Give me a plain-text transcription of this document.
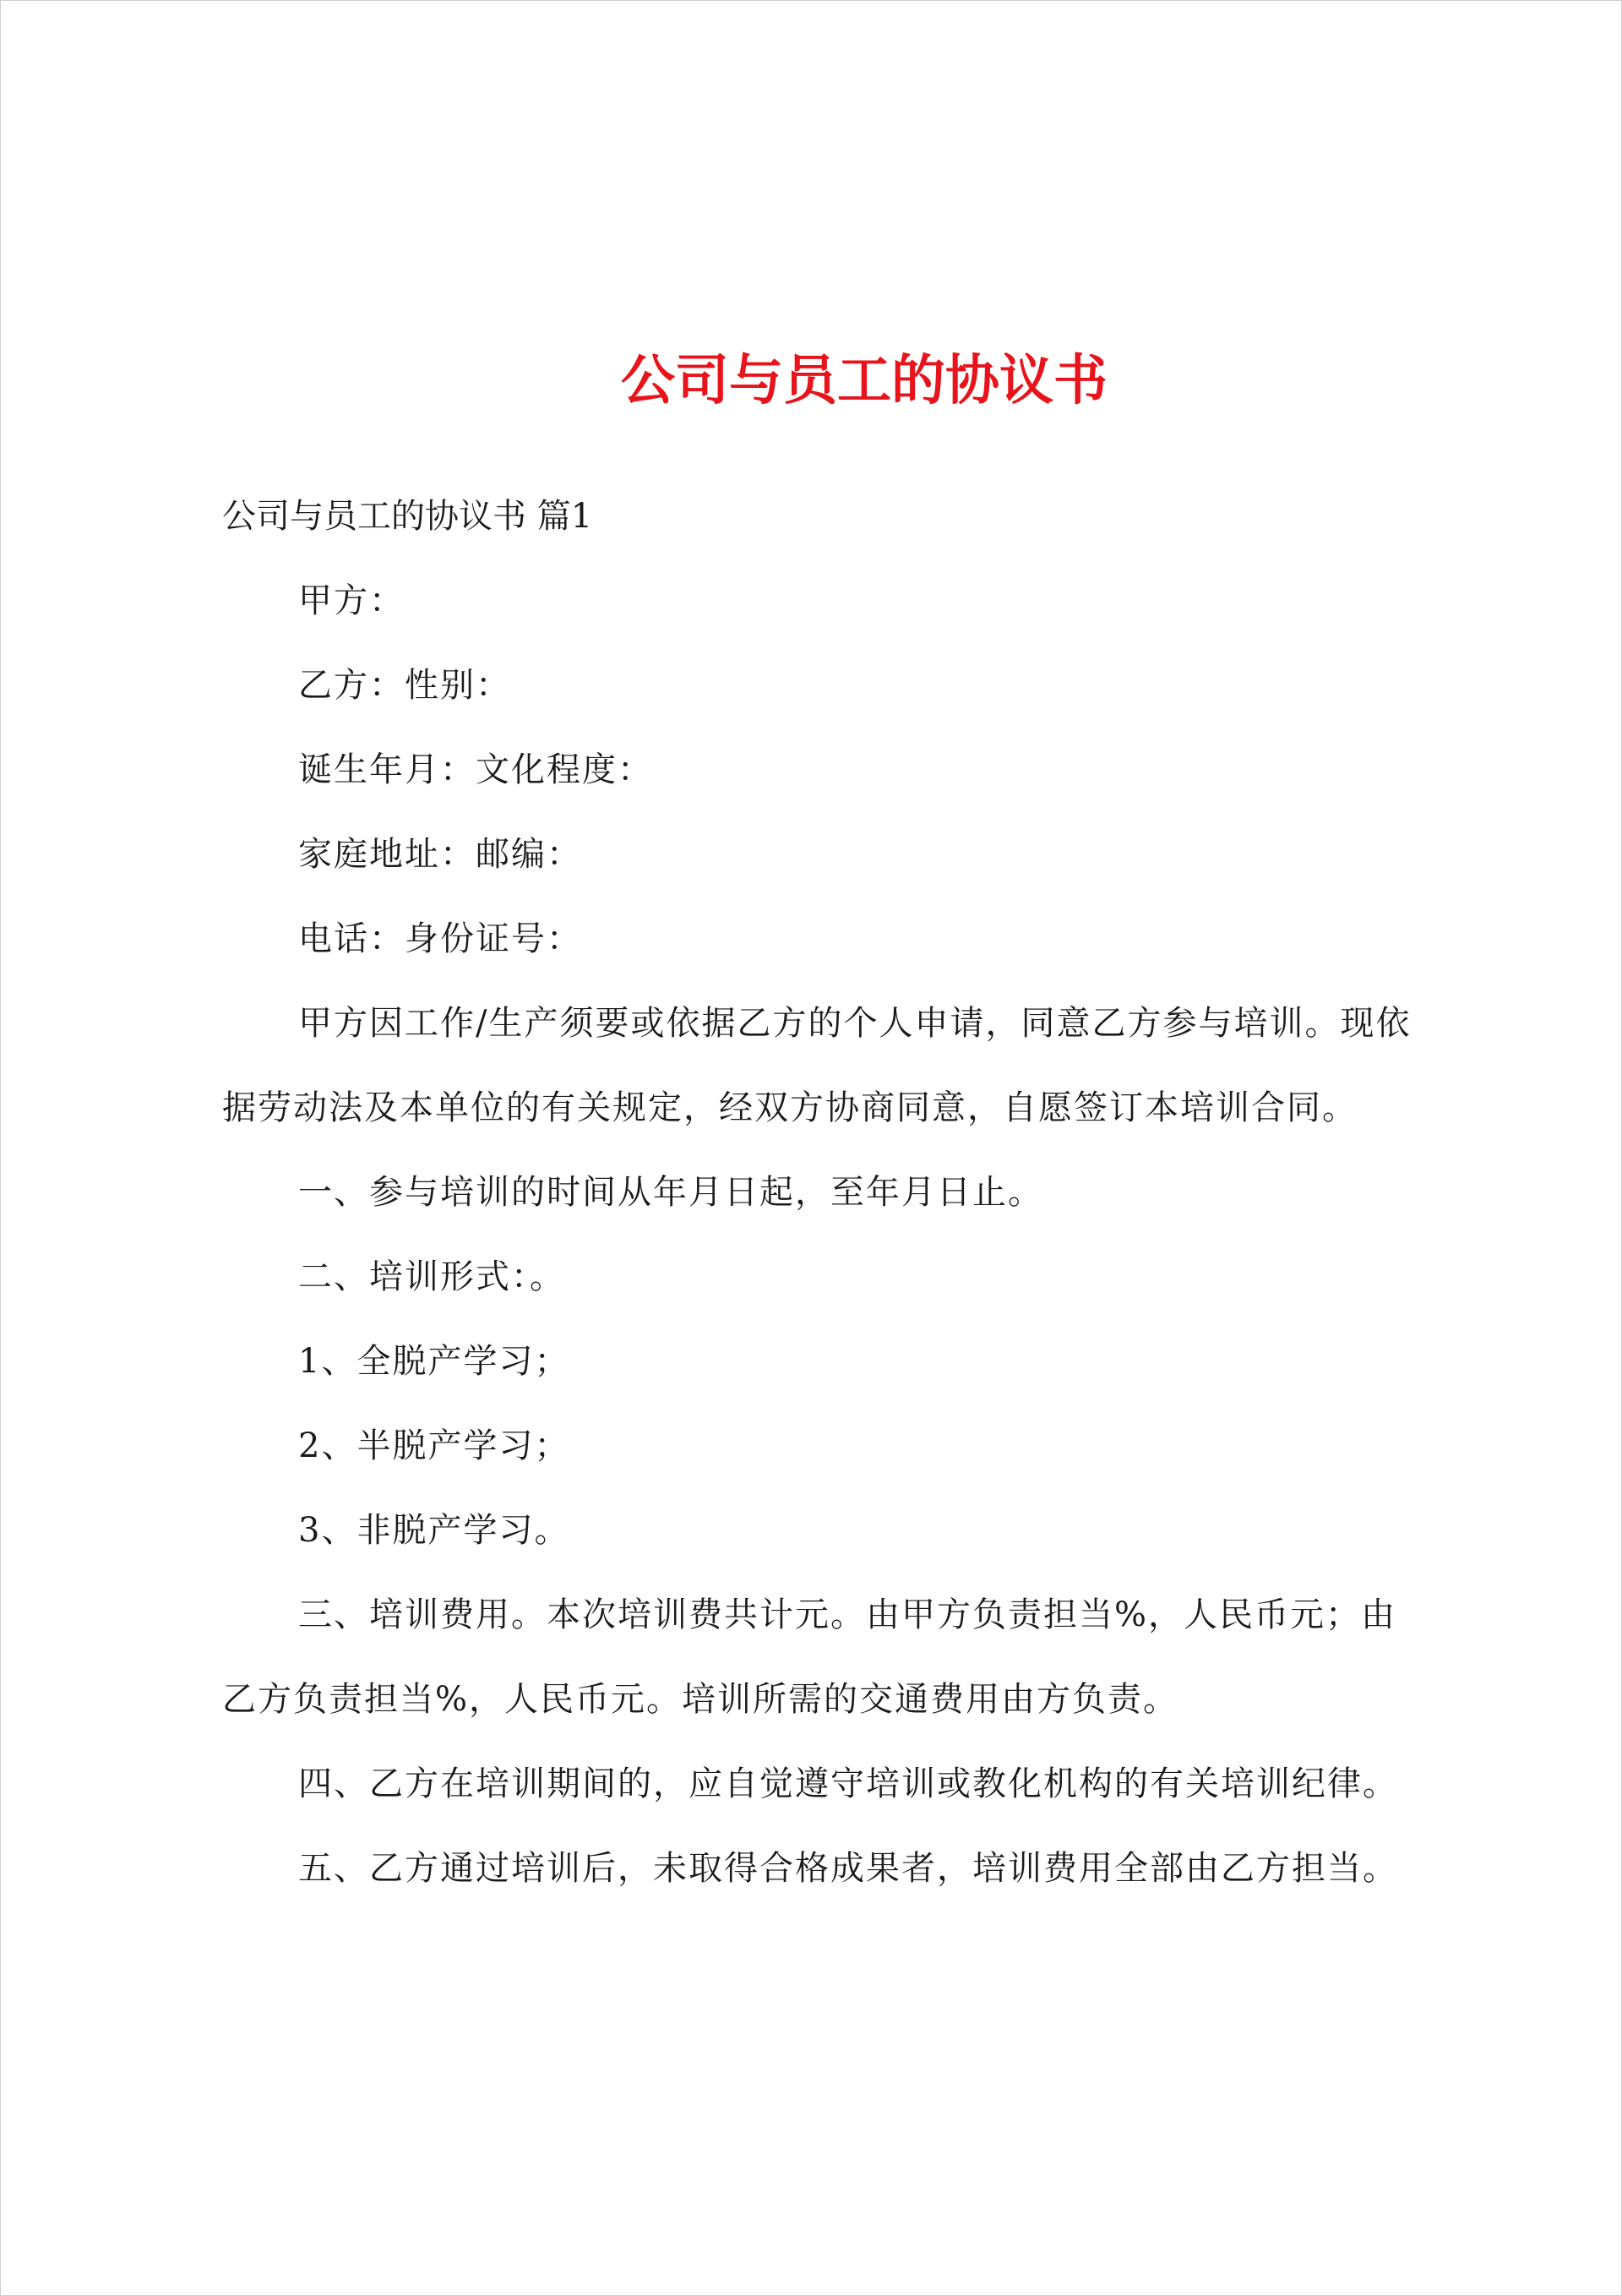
公司与员工的协议书

公司与员工的协议书 篇1

甲方：

乙方：性别：

诞生年月：文化程度：

家庭地址：邮编：

电话：身份证号：

甲方因工作/生产须要或依据乙方的个人申请，同意乙方参与培训。现依据劳动法及本单位的有关规定，经双方协商同意，自愿签订本培训合同。

一、参与培训的时间从年月日起，至年月日止。

二、培训形式：。

1、全脱产学习；

2、半脱产学习；

3、非脱产学习。

三、培训费用。本次培训费共计元。由甲方负责担当%，人民币元；由乙方负责担当%，人民币元。培训所需的交通费用由方负责。

四、乙方在培训期间的，应自觉遵守培训或教化机构的有关培训纪律。

五、乙方通过培训后，未取得合格成果者，培训费用全部由乙方担当。
